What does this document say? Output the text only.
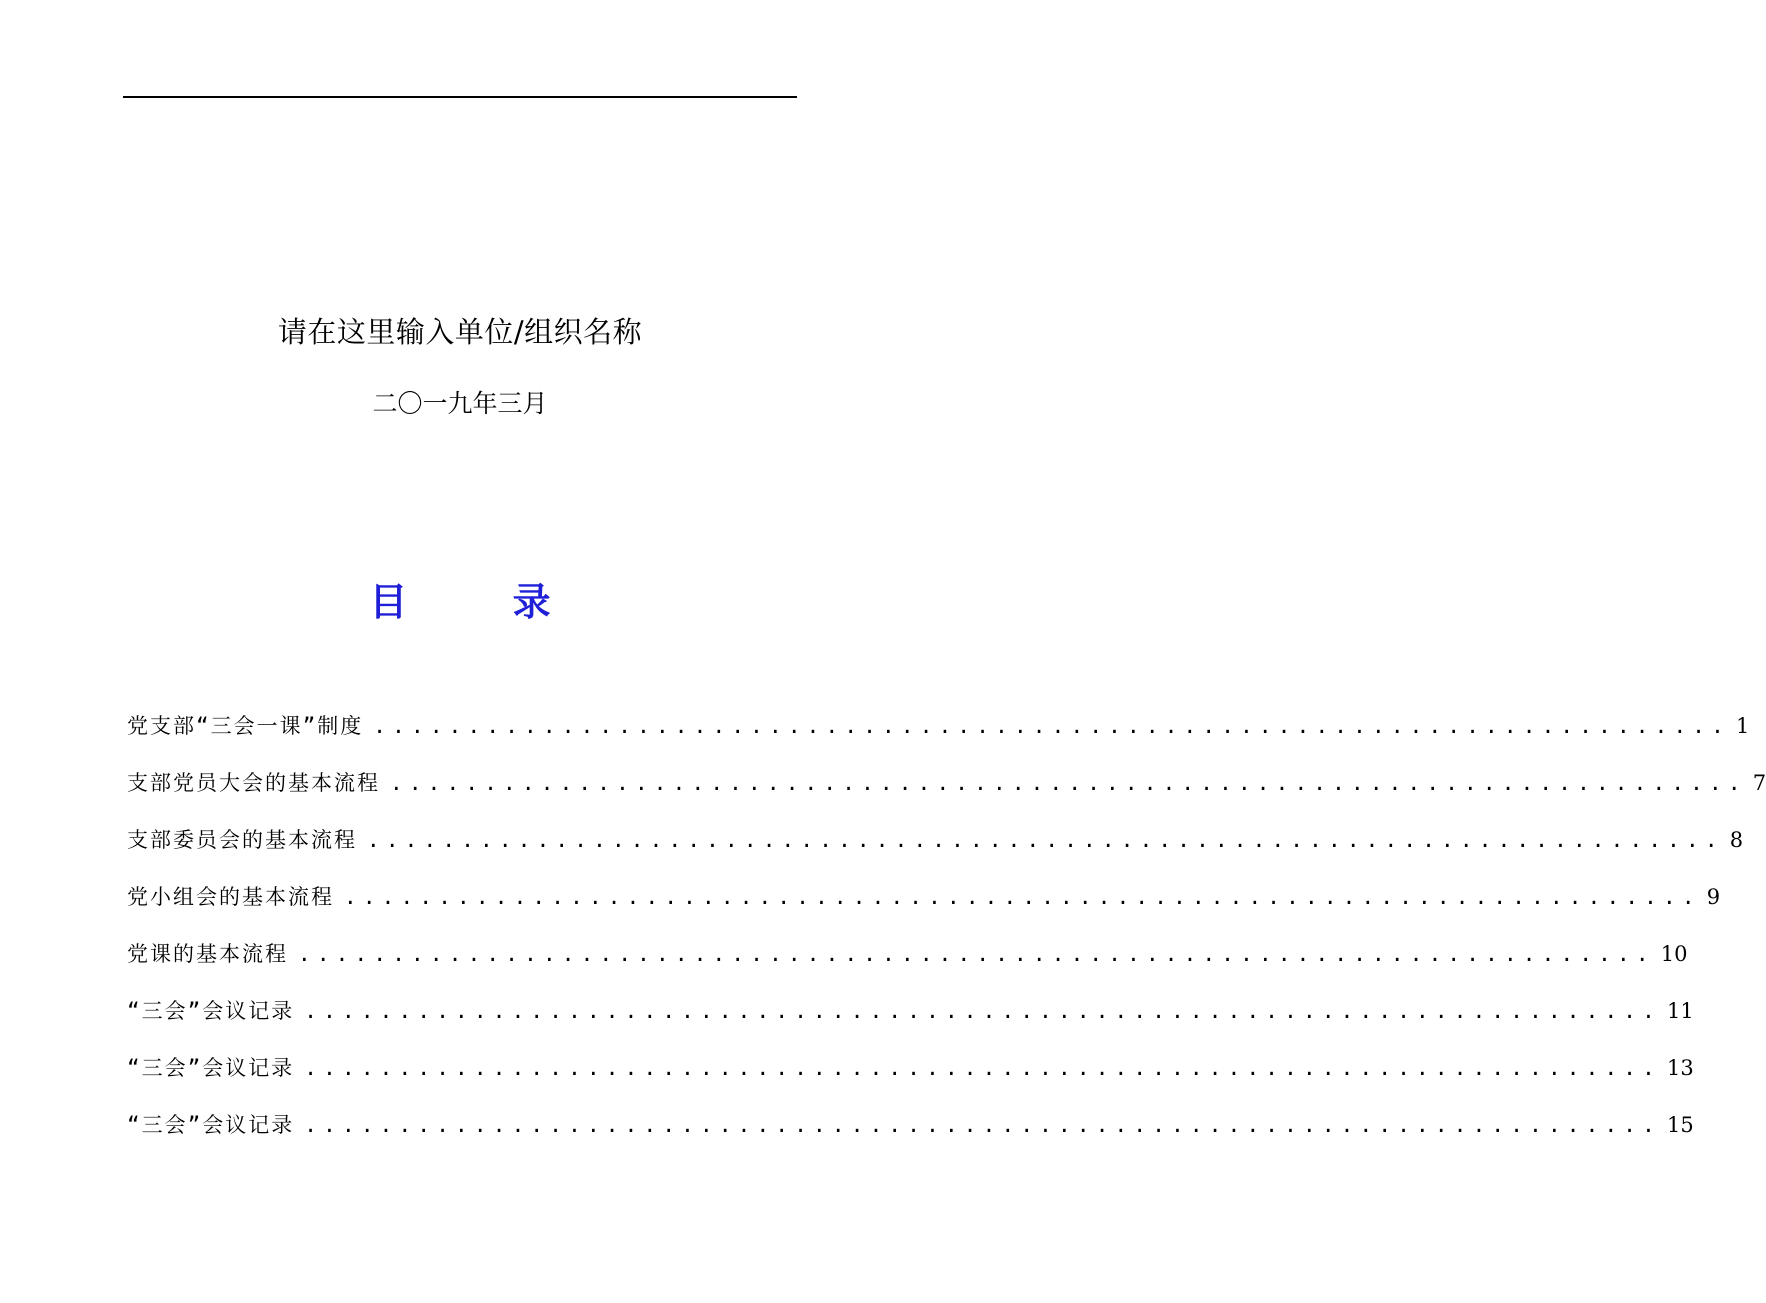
请在这里输入单位/组织名称
二〇一九年三月
目 录
党支部“三会一课”制度 ........................................................................ 1
支部党员大会的基本流程 ........................................................................ 7
支部委员会的基本流程 ........................................................................ 8
党小组会的基本流程 ........................................................................ 9
党课的基本流程 ........................................................................ 10
“三会”会议记录 ........................................................................ 11
“三会”会议记录 ........................................................................ 13
“三会”会议记录 ........................................................................ 15
